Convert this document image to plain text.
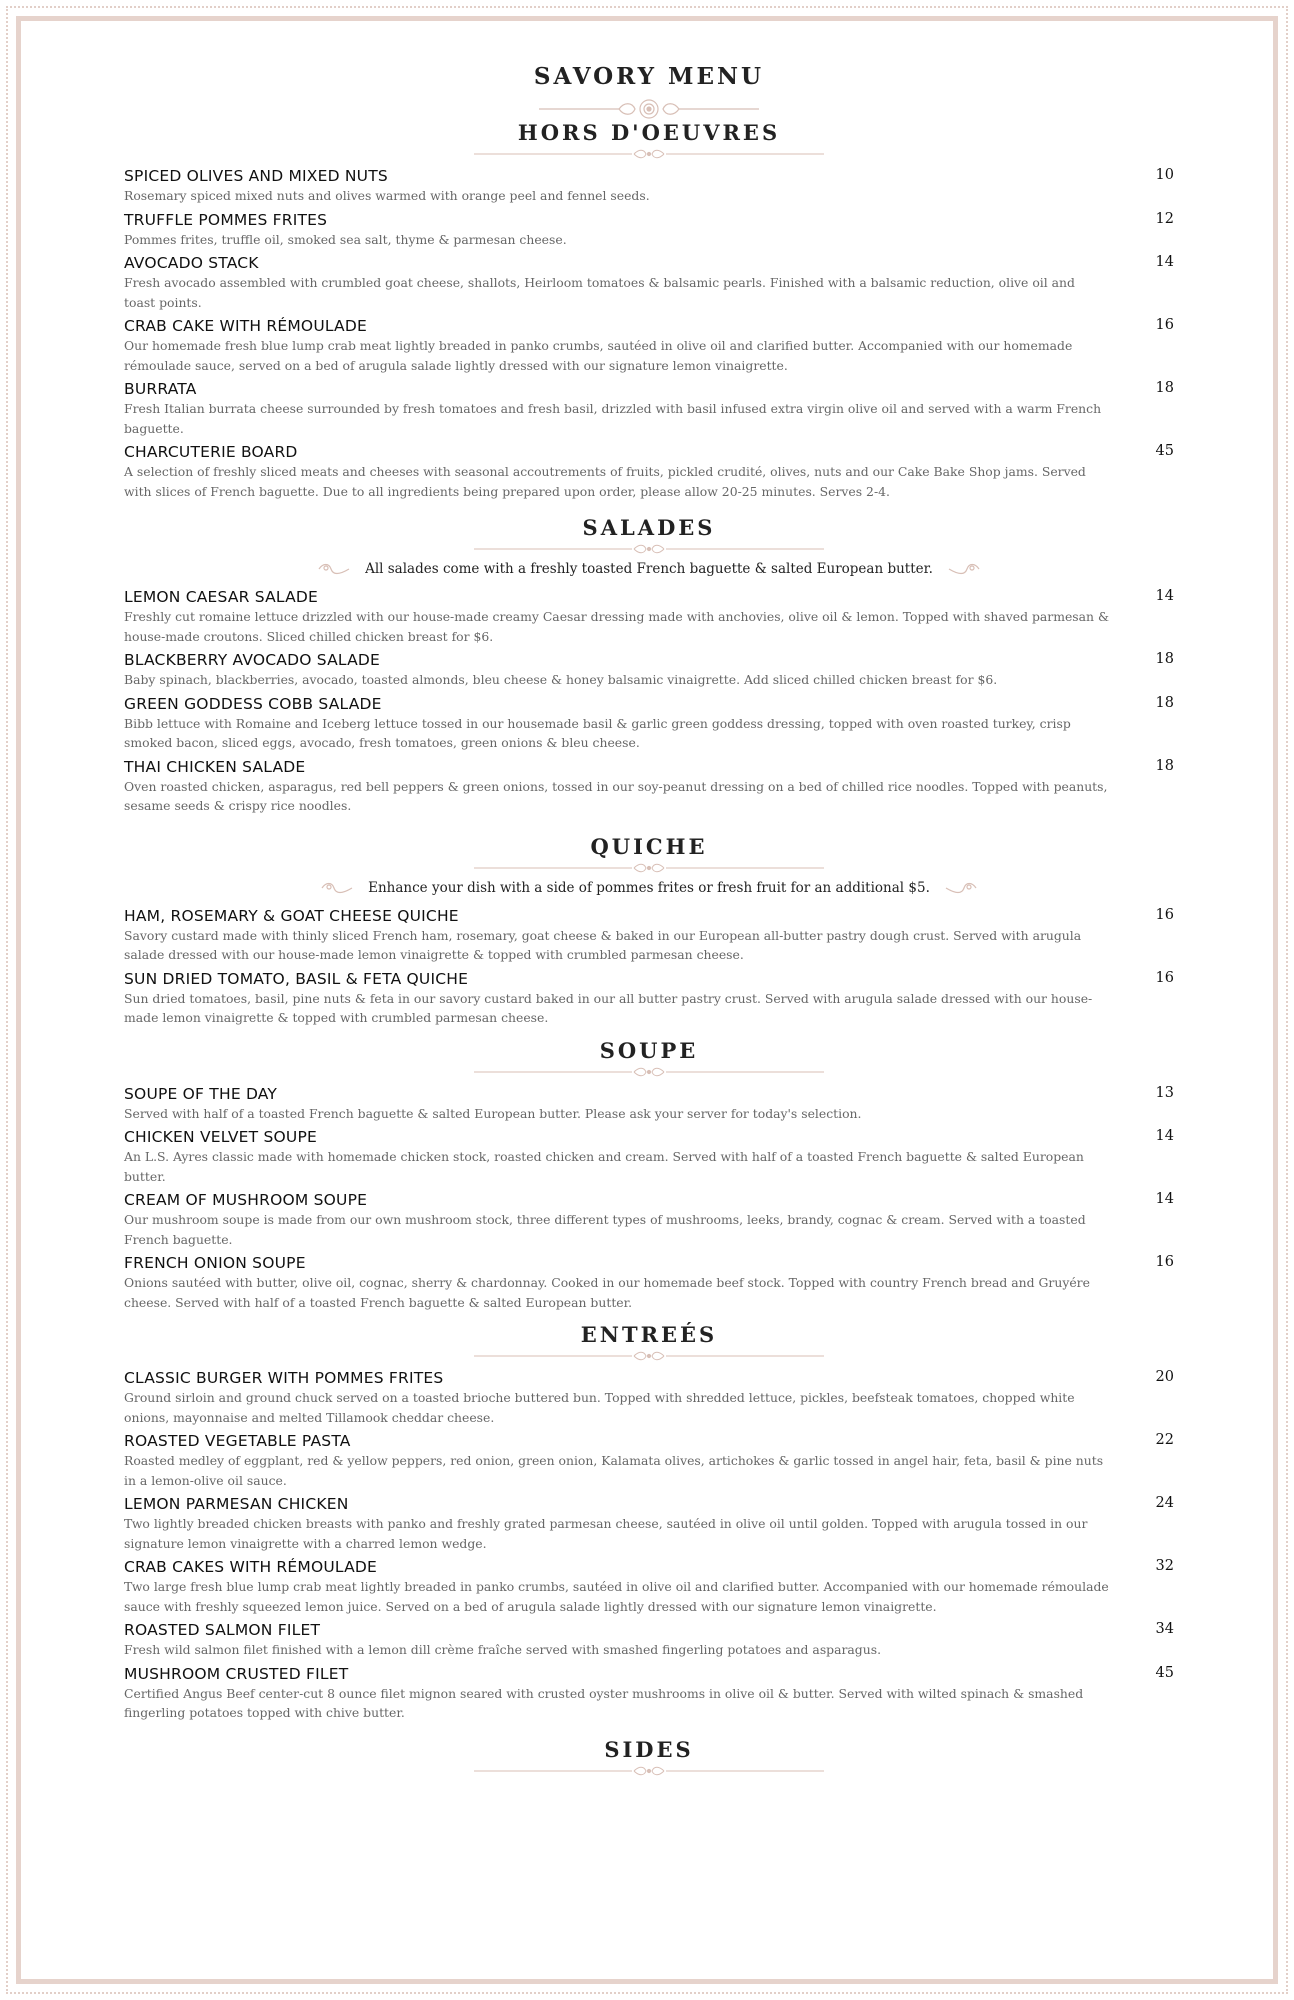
SAVORY MENU
HORS D'OEUVRES
SPICED OLIVES AND MIXED NUTS	10
Rosemary spiced mixed nuts and olives warmed with orange peel and fennel seeds.
TRUFFLE POMMES FRITES	12
Pommes frites, truffle oil, smoked sea salt, thyme & parmesan cheese.
AVOCADO STACK	14
Fresh avocado assembled with crumbled goat cheese, shallots, Heirloom tomatoes & balsamic pearls. Finished with a balsamic reduction, olive oil and toast points.
CRAB CAKE WITH RÉMOULADE	16
Our homemade fresh blue lump crab meat lightly breaded in panko crumbs, sautéed in olive oil and clarified butter. Accompanied with our homemade rémoulade sauce, served on a bed of arugula salade lightly dressed with our signature lemon vinaigrette.
BURRATA	18
Fresh Italian burrata cheese surrounded by fresh tomatoes and fresh basil, drizzled with basil infused extra virgin olive oil and served with a warm French baguette.
CHARCUTERIE BOARD	45
A selection of freshly sliced meats and cheeses with seasonal accoutrements of fruits, pickled crudité, olives, nuts and our Cake Bake Shop jams. Served with slices of French baguette. Due to all ingredients being prepared upon order, please allow 20-25 minutes. Serves 2-4.
SALADES
All salades come with a freshly toasted French baguette & salted European butter.
LEMON CAESAR SALADE	14
Freshly cut romaine lettuce drizzled with our house-made creamy Caesar dressing made with anchovies, olive oil & lemon. Topped with shaved parmesan & house-made croutons. Sliced chilled chicken breast for $6.
BLACKBERRY AVOCADO SALADE	18
Baby spinach, blackberries, avocado, toasted almonds, bleu cheese & honey balsamic vinaigrette. Add sliced chilled chicken breast for $6.
GREEN GODDESS COBB SALADE	18
Bibb lettuce with Romaine and Iceberg lettuce tossed in our housemade basil & garlic green goddess dressing, topped with oven roasted turkey, crisp smoked bacon, sliced eggs, avocado, fresh tomatoes, green onions & bleu cheese.
THAI CHICKEN SALADE	18
Oven roasted chicken, asparagus, red bell peppers & green onions, tossed in our soy-peanut dressing on a bed of chilled rice noodles. Topped with peanuts, sesame seeds & crispy rice noodles.
QUICHE
Enhance your dish with a side of pommes frites or fresh fruit for an additional $5.
HAM, ROSEMARY & GOAT CHEESE QUICHE	16
Savory custard made with thinly sliced French ham, rosemary, goat cheese & baked in our European all-butter pastry dough crust. Served with arugula salade dressed with our house-made lemon vinaigrette & topped with crumbled parmesan cheese.
SUN DRIED TOMATO, BASIL & FETA QUICHE	16
Sun dried tomatoes, basil, pine nuts & feta in our savory custard baked in our all butter pastry crust. Served with arugula salade dressed with our house-made lemon vinaigrette & topped with crumbled parmesan cheese.
SOUPE
SOUPE OF THE DAY	13
Served with half of a toasted French baguette & salted European butter. Please ask your server for today's selection.
CHICKEN VELVET SOUPE	14
An L.S. Ayres classic made with homemade chicken stock, roasted chicken and cream. Served with half of a toasted French baguette & salted European butter.
CREAM OF MUSHROOM SOUPE	14
Our mushroom soupe is made from our own mushroom stock, three different types of mushrooms, leeks, brandy, cognac & cream. Served with a toasted French baguette.
FRENCH ONION SOUPE	16
Onions sautéed with butter, olive oil, cognac, sherry & chardonnay. Cooked in our homemade beef stock. Topped with country French bread and Gruyére cheese. Served with half of a toasted French baguette & salted European butter.
ENTREÉS
CLASSIC BURGER WITH POMMES FRITES	20
Ground sirloin and ground chuck served on a toasted brioche buttered bun. Topped with shredded lettuce, pickles, beefsteak tomatoes, chopped white onions, mayonnaise and melted Tillamook cheddar cheese.
ROASTED VEGETABLE PASTA	22
Roasted medley of eggplant, red & yellow peppers, red onion, green onion, Kalamata olives, artichokes & garlic tossed in angel hair, feta, basil & pine nuts in a lemon-olive oil sauce.
LEMON PARMESAN CHICKEN	24
Two lightly breaded chicken breasts with panko and freshly grated parmesan cheese, sautéed in olive oil until golden. Topped with arugula tossed in our signature lemon vinaigrette with a charred lemon wedge.
CRAB CAKES WITH RÉMOULADE	32
Two large fresh blue lump crab meat lightly breaded in panko crumbs, sautéed in olive oil and clarified butter. Accompanied with our homemade rémoulade sauce with freshly squeezed lemon juice. Served on a bed of arugula salade lightly dressed with our signature lemon vinaigrette.
ROASTED SALMON FILET	34
Fresh wild salmon filet finished with a lemon dill crème fraîche served with smashed fingerling potatoes and asparagus.
MUSHROOM CRUSTED FILET	45
Certified Angus Beef center-cut 8 ounce filet mignon seared with crusted oyster mushrooms in olive oil & butter. Served with wilted spinach & smashed fingerling potatoes topped with chive butter.
SIDES
